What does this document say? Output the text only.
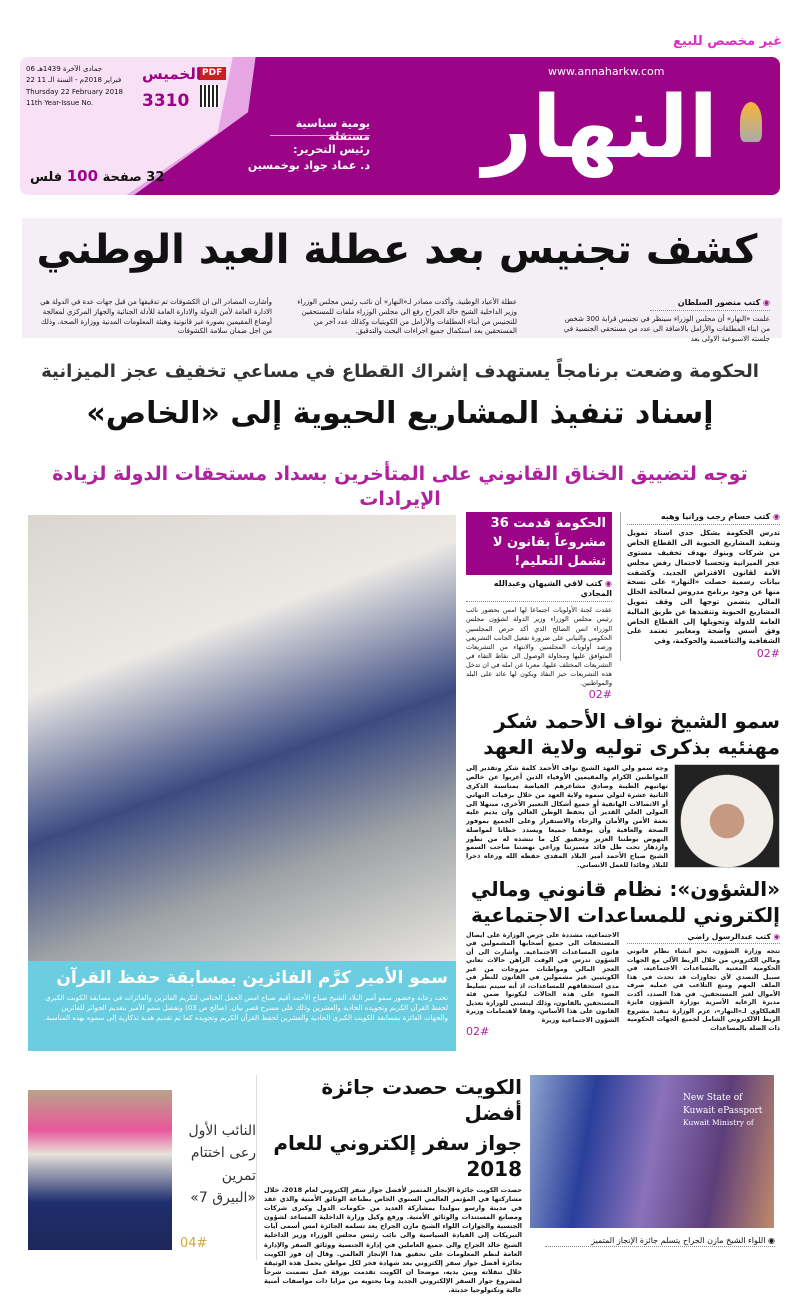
غير مخصص للبيع
النهار
www.annaharkw.com
يومية سياسية مستقلة
رئيس التحرير:
د. عماد جواد بوخمسين
PDF
الخميس
3310
06 جمادى الآخرة 1439هـ
22 فبراير 2018م - السنة الـ 11
Thursday 22 February 2018
11th Year-Issue No.
32 صفحة 100 فلس
كشف تجنيس بعد عطلة العيد الوطني
◉ كتب منصور السلطان
علمت «النهار» أن مجلس الوزراء سينظر في تجنيس قرابة 300 شخص من ابناء المطلقات والأرامل بالاضافة الى عدد من مستحقي الجنسية في جلسته الاسبوعية الاولى بعد
عطلة الأعياد الوطنية. وأكدت مصادر لـ«النهار» أن نائب رئيس مجلس الوزراء وزير الداخلية الشيخ خالد الجراح رفع الى مجلس الوزراء ملفات للمستحقين للتجنيس من أبناء المطلقات والأرامل من الكويتيات وكذلك عدد آخر من المستحقين بعد استكمال جميع اجراءات البحث والتدقيق.
وأشارت المصادر الى ان الكشوفات تم تدقيقها من قبل جهات عدة في الدولة هي الادارة العامة لأمن الدولة والادارة العامة للأدلة الجنائية والجهاز المركزي لمعالجة أوضاع المقيمين بصورة غير قانونية وهيئة المعلومات المدنية ووزارة الصحة، وذلك من اجل ضمان سلامة الكشوفات
الحكومة وضعت برنامجاً يستهدف إشراك القطاع في مساعي تخفيف عجز الميزانية
إسناد تنفيذ المشاريع الحيوية إلى «الخاص»
توجه لتضييق الخناق القانوني على المتأخرين بسداد مستحقات الدولة لزيادة الإيرادات
سمو الأمير كرَّم الفائزين بمسابقة حفظ القرآن

تحت رعاية وحضور سمو أمير البلاد الشيخ صباح الأحمد أقيم صباح امس الحفل الختامي لتكريم الفائزين والفائزات في مسابقة الكويت الكبرى لحفظ القرآن الكريم وتجويده الحادية والعشرين وذلك على مسرح قصر بيان. (صالح ص 03) وتفضل سمو الأمير بتقديم الجوائز للفائزين والجهات الفائزة بمسابقة الكويت الكبرى الحادية والعشرين لحفظ القرآن الكريم وتجويده كما تم تقديم هدية تذكارية إلى سموه بهذه المناسبة.

◉ كتب حسام رجب ورانيا وهبه
تدرس الحكومة بشكل جدي اسناد تمويل وتنفيذ المشاريع الحيوية الى القطاع الخاص من شركات وبنوك بهدف تخفيف مستوى عجز الميزانية وتحسبا لاحتمال رفض مجلس الأمة لقانون الاقتراض الجديد. وكشفت بيانات رسمية حصلت «النهار» على نسخة منها عن وجود برنامج مدروس لمعالجة الخلل المالي يتضمن توجها الى وقف تمويل المشاريع الحيوية وتنفيذها عن طريق المالية العامة للدولة وتحويلها إلى القطاع الخاص وفق أسس واضحة ومعايير تعتمد على الشفافية والتنافسية والحوكمة، وفي
02#
الحكومة قدمت 36 مشروعاً بقانون لا تشمل التعليم!
◉ كتب لافي الشيهان وعبدالله المجادي
عقدت لجنة الأولويات اجتماعا لها امس بحضور نائب رئيس مجلس الوزراء وزير الدولة لشؤون مجلس الوزراء انس الصالح الذي أكد حرص المجلسين الحكومي والنيابي على ضرورة تفعيل الجانب التشريعي ورصد أولويات المجلسين والانتهاء من التشريعات المتوافق عليها ومحاولة الوصول الى نقاط التقاء في التشريعات المختلف عليها، معربا عن امله في ان تدخل هذه التشريعات حيز النفاذ ويكون لها عائد على البلد والمواطنين.
02#
سمو الشيخ نواف الأحمد شكر
مهنئيه بذكرى توليه ولاية العهد
وجه سمو ولي العهد الشيخ نواف الأحمد كلمة شكر وتقدير إلى المواطنين الكرام والمقيمين الأوفياء الذين أعربوا عن خالص تهانيهم الطيبة وصادق مشاعرهم الفياضة بمناسبة الذكرى الثانية عشرة لتولي سموه ولاية العهد من خلال برقيات التهاني أو الاتصالات الهاتفية أو جميع أشكال التعبير الأخرى، مبتهلا الى المولى العلي القدير أن يحفظ الوطن الغالي وان يديم عليه نعمة الأمن والأمان والرخاء والاستقرار وعلى الجميع بموفور الصحة والعافية وأن يوفقنا جميعا ويسدد خطانا لمواصلة النهوض بوطننا العزيز وتحقيق كل ما ننشده له من تطور وازدهار تحت ظل قائد مسيرتنا وراعي نهضتنا صاحب السمو الشيخ صباح الأحمد أمير البلاد المفدى حفظه الله ورعاه ذخرا للبلاد وقائدا للعمل الانساني.
«الشؤون»: نظام قانوني ومالي
إلكتروني للمساعدات الاجتماعية
◉ كتب عبدالرسول راضي
تتجه وزارة الشؤون، نحو انشاء نظام قانوني ومالي الكتروني من خلال الربط الآلي مع الجهات الحكومية المعنية بالمساعدات الاجتماعية، في سبيل التصدي لأي تجاوزات قد تحدث في هذا الملف المهم ومنع التلاعب في عملية صرف الأموال لغير المستحقين. في هذا الصدد، أكدت مديرة الرعاية الأسرية بوزارة الشؤون فايزة الفيلكاوي لـ«النهار»، عزم الوزارة تنفيذ مشروع الربط الالكتروني الشامل لجميع الجهات الحكومية ذات الصلة بالمساعدات
الاجتماعية، مشددة على حرص الوزارة على ايصال المستحقات الى جميع أصحابها المشمولين في قانون المساعدات الاجتماعية. وأشارت الى أن الشؤون تدرس في الوقت الراهن حالات تعاني العجز المالي ومواطنات متزوجات من غير الكويتيين غير مشمولين في القانون للنظر في مدى استحقاقهم للمساعدات، اذ أنه سيتم تسليط الضوء على هذه الحالات ليكونوا ضمن فئة المستحقين بالقانون، وذلك ليتسنى للوزارة تعديل القانون على هذا الأساس، وفقا لاهتمامات وزيرة الشؤون الاجتماعية وزيرة
02#
New State of
Kuwait ePassport
Kuwait Ministry of
◉ اللواء الشيخ مازن الجراح يتسلم جائزة الإنجاز المتميز
النائب الأول رعى اختتام تمرين «البيرق 7»
04#
الكويت حصدت جائزة أفضل
جواز سفر إلكتروني للعام 2018
حصدت الكويت جائزة الإنجاز المتميز لأفضل جواز سفر إلكتروني لعام 2018، خلال مشاركتها في المؤتمر العالمي السنوي الخاص بطباعة الوثائق الأمنية والذي عقد في مدينة وارسو ببولندا بمشاركة العديد من حكومات الدول وكبرى شركات ومصانع المستندات والوثائق الأمنية. ورفع وكيل وزارة الداخلية المساعد لشؤون الجنسية والجوازات اللواء الشيخ مازن الجراح بعد تسلمه الجائزة امس أسمى آيات التبريكات إلى القيادة السياسية والى نائب رئيس مجلس الوزراء وزير الداخلية الشيخ خالد الجراح والى جميع العاملين في إدارة الجنسية ووثائق السفر والإدارة العامة لنظم المعلومات على تحقيق هذا الإنجاز العالمي. وقال إن فوز الكويت بجائزة أفضل جواز سفر إلكتروني يعد شهادة فخر لكل مواطن يحمل هذه الوثيقة خلال تنقلاته وبين يديه، موضحا ان الكويت تقدمت بورقة عمل تضمنت شرحاً لمشروع جواز السفر الإلكتروني الجديد وما يحتويه من مزايا ذات مواصفات أمنية عالية وتكنولوجيا حديثة.
